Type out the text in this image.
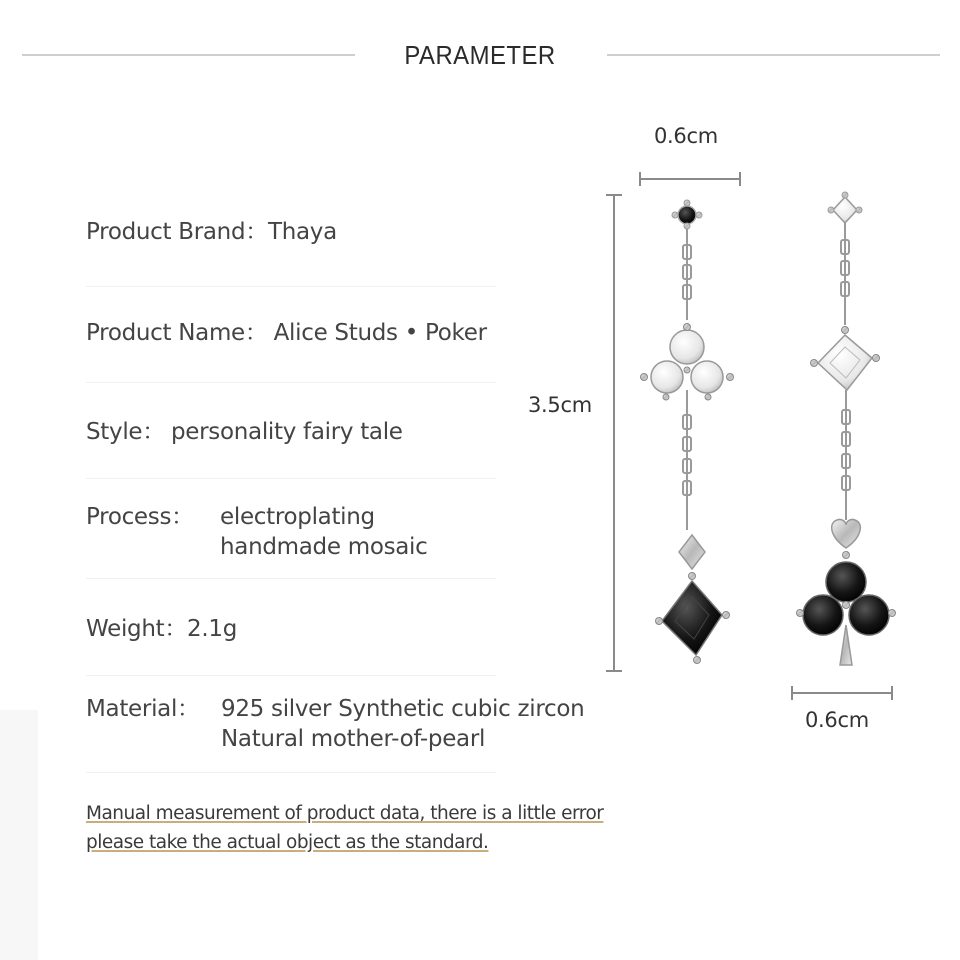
PARAMETER
Product Brand：Thaya
Product Name： Alice Studs • Poker
Style： personality fairy tale
Process： electroplating
handmade mosaic
Weight：2.1g
Material： 925 silver Synthetic cubic zircon
Natural mother-of-pearl
Manual measurement of product data, there is a little error
please take the actual object as the standard.
0.6cm
3.5cm
0.6cm
